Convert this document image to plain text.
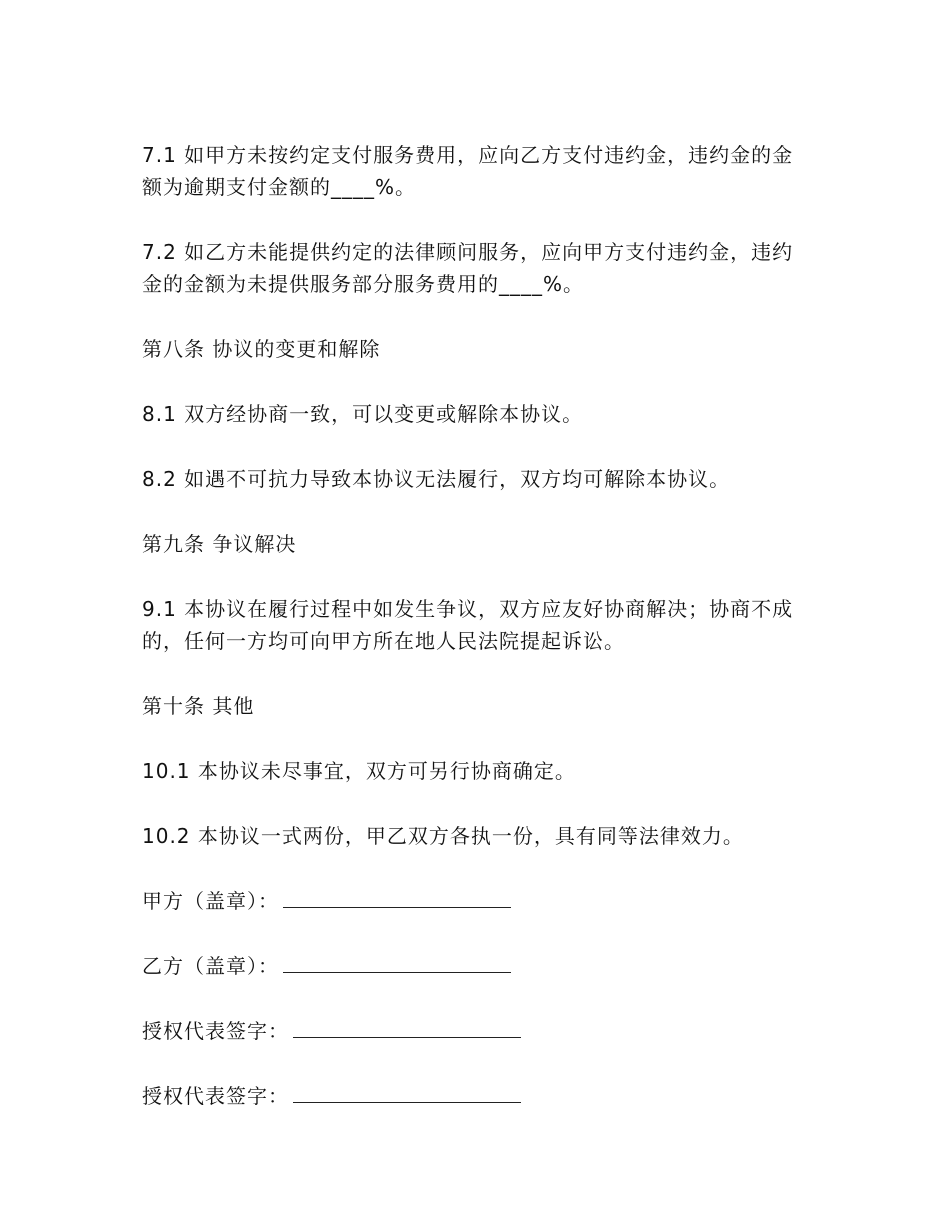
7.1 如甲方未按约定支付服务费用，应向乙方支付违约金，违约金的金额为逾期支付金额的____%。

7.2 如乙方未能提供约定的法律顾问服务，应向甲方支付违约金，违约金的金额为未提供服务部分服务费用的____%。

第八条 协议的变更和解除

8.1 双方经协商一致，可以变更或解除本协议。

8.2 如遇不可抗力导致本协议无法履行，双方均可解除本协议。

第九条 争议解决

9.1 本协议在履行过程中如发生争议，双方应友好协商解决；协商不成的，任何一方均可向甲方所在地人民法院提起诉讼。

第十条 其他

10.1 本协议未尽事宜，双方可另行协商确定。

10.2 本协议一式两份，甲乙双方各执一份，具有同等法律效力。

甲方（盖章）：
乙方（盖章）：
授权代表签字：
授权代表签字：
